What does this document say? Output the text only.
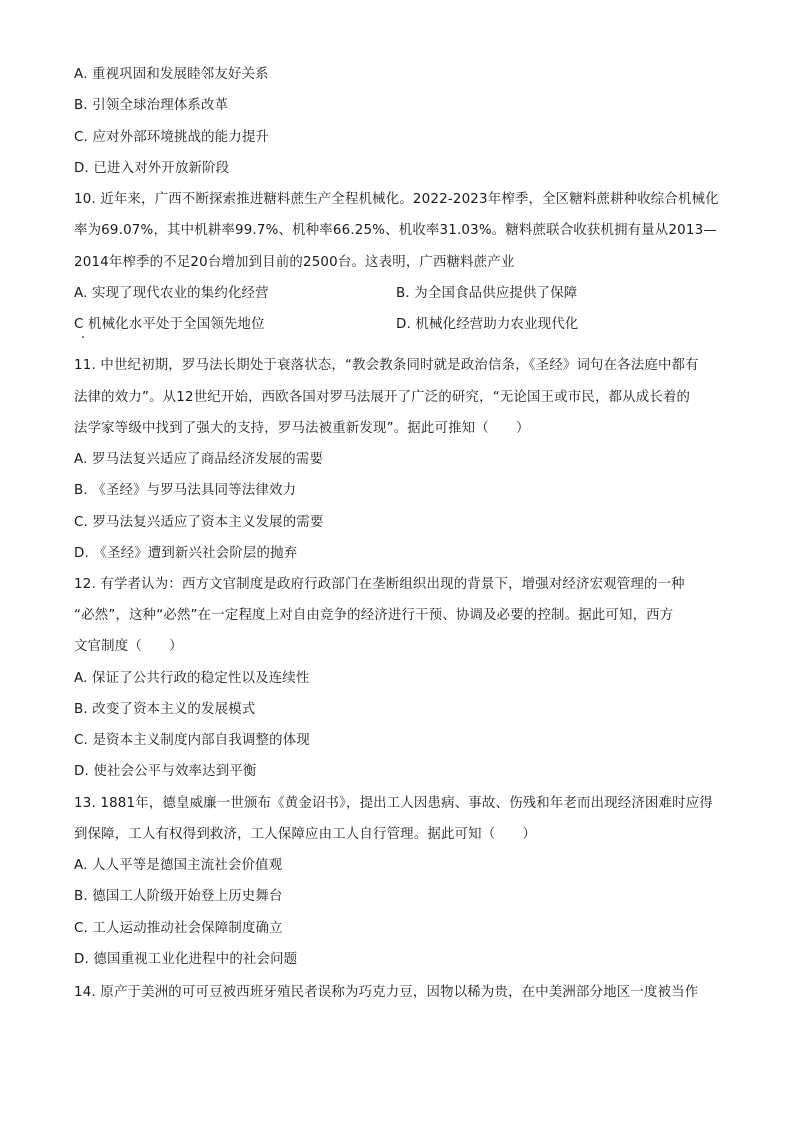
A. 重视巩固和发展睦邻友好关系
B. 引领全球治理体系改革
C. 应对外部环境挑战的能力提升
D. 已进入对外开放新阶段
10. 近年来，广西不断探索推进糖料蔗生产全程机械化。2022-2023年榨季，全区糖料蔗耕种收综合机械化
率为69.07%，其中机耕率99.7%、机种率66.25%、机收率31.03%。糖料蔗联合收获机拥有量从2013—
2014年榨季的不足20台增加到目前的2500台。这表明，广西糖料蔗产业
A. 实现了现代农业的集约化经营	B. 为全国食品供应提供了保障
C 机械化水平处于全国领先地位	D. 机械化经营助力农业现代化
11. 中世纪初期，罗马法长期处于衰落状态，“教会教条同时就是政治信条，《圣经》词句在各法庭中都有
法律的效力”。从12世纪开始，西欧各国对罗马法展开了广泛的研究，“无论国王或市民，都从成长着的
法学家等级中找到了强大的支持，罗马法被重新发现”。据此可推知（　　）
A. 罗马法复兴适应了商品经济发展的需要
B. 《圣经》与罗马法具同等法律效力
C. 罗马法复兴适应了资本主义发展的需要
D. 《圣经》遭到新兴社会阶层的抛弃
12. 有学者认为：西方文官制度是政府行政部门在垄断组织出现的背景下，增强对经济宏观管理的一种
“必然”，这种“必然”在一定程度上对自由竞争的经济进行干预、协调及必要的控制。据此可知，西方
文官制度（　　）
A. 保证了公共行政的稳定性以及连续性
B. 改变了资本主义的发展模式
C. 是资本主义制度内部自我调整的体现
D. 使社会公平与效率达到平衡
13. 1881年，德皇威廉一世颁布《黄金诏书》，提出工人因患病、事故、伤残和年老而出现经济困难时应得
到保障，工人有权得到救济，工人保障应由工人自行管理。据此可知（　　）
A. 人人平等是德国主流社会价值观
B. 德国工人阶级开始登上历史舞台
C. 工人运动推动社会保障制度确立
D. 德国重视工业化进程中的社会问题
14. 原产于美洲的可可豆被西班牙殖民者误称为巧克力豆，因物以稀为贵，在中美洲部分地区一度被当作
